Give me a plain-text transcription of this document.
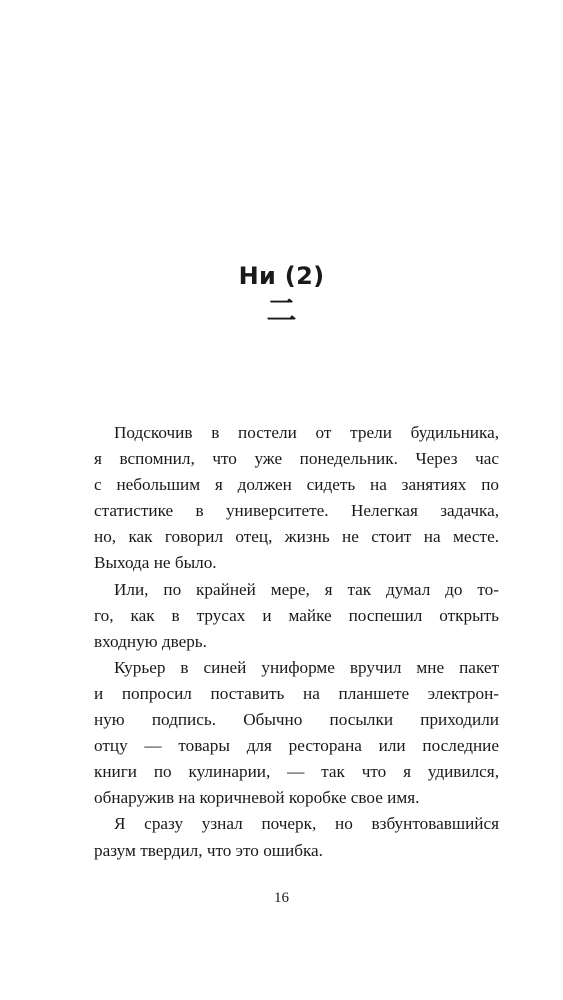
Ни (2)
二
Подскочив в постели от трели будильника,
я вспомнил, что уже понедельник. Через час
с небольшим я должен сидеть на занятиях по
статистике в университете. Нелегкая задачка,
но, как говорил отец, жизнь не стоит на месте.
Выхода не было.
Или, по крайней мере, я так думал до то-
го, как в трусах и майке поспешил открыть
входную дверь.
Курьер в синей униформе вручил мне пакет
и попросил поставить на планшете электрон-
ную подпись. Обычно посылки приходили
отцу — товары для ресторана или последние
книги по кулинарии, — так что я удивился,
обнаружив на коричневой коробке свое имя.
Я сразу узнал почерк, но взбунтовавшийся
разум твердил, что это ошибка.
16
